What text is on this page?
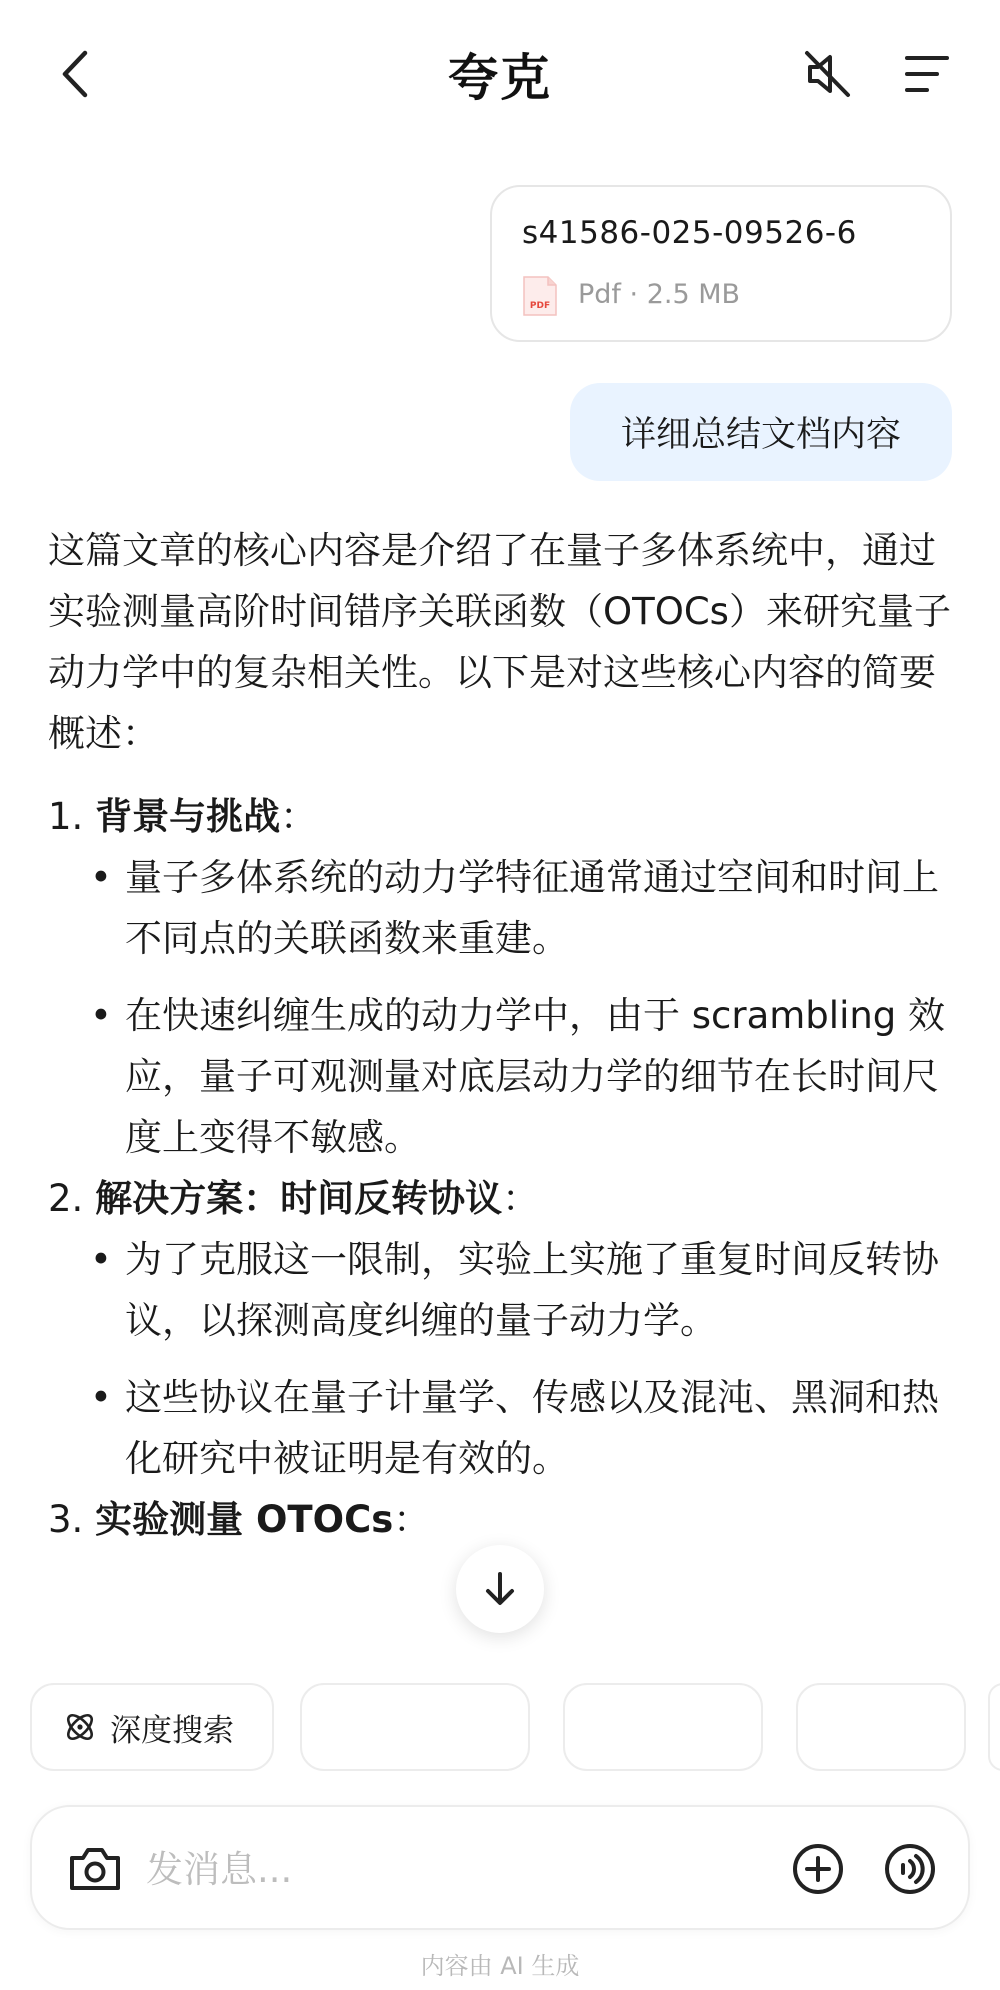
夸克
s41586-025-09526-6
PDF Pdf · 2.5 MB
详细总结文档内容

这篇文章的核心内容是介绍了在量子多体系统中，通过实验测量高阶时间错序关联函数（OTOCs）来研究量子动力学中的复杂相关性。以下是对这些核心内容的简要概述：

1. 背景与挑战：

• 量子多体系统的动力学特征通常通过空间和时间上不同点的关联函数来重建。
• 在快速纠缠生成的动力学中，由于 scrambling 效应，量子可观测量对底层动力学的细节在长时间尺度上变得不敏感。

2. 解决方案：时间反转协议：

• 为了克服这一限制，实验上实施了重复时间反转协议，以探测高度纠缠的量子动力学。
• 这些协议在量子计量学、传感以及混沌、黑洞和热化研究中被证明是有效的。

3. 实验测量 OTOCs：

深度搜索
发消息...
内容由 AI 生成
